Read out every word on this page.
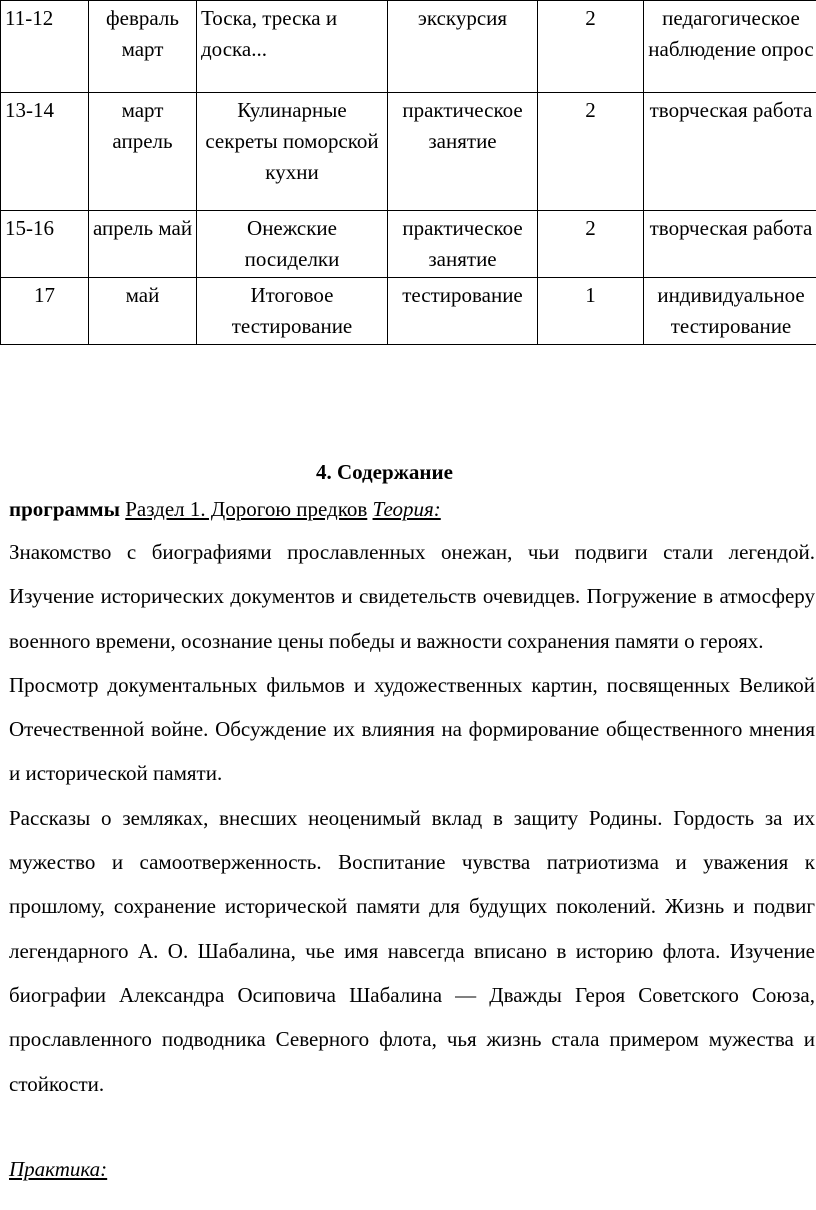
11-12	февраль март	Тоска, треска и доска...	экскурсия	2	педагогическое наблюдение опрос
13-14	март апрель	Кулинарные секреты поморской кухни	практическое занятие	2	творческая работа
15-16	апрель май	Онежские посиделки	практическое занятие	2	творческая работа
17	май	Итоговое тестирование	тестирование	1	индивидуальное тестирование
4. Содержание
программы Раздел 1. Дорогою предков Теория:

Знакомство с биографиями прославленных онежан, чьи подвиги стали легендой. Изучение исторических документов и свидетельств очевидцев. Погружение в атмосферу военного времени, осознание цены победы и важности сохранения памяти о героях.

Просмотр документальных фильмов и художественных картин, посвященных Великой Отечественной войне. Обсуждение их влияния на формирование общественного мнения и исторической памяти.

Рассказы о земляках, внесших неоценимый вклад в защиту Родины. Гордость за их мужество и самоотверженность. Воспитание чувства патриотизма и уважения к прошлому, сохранение исторической памяти для будущих поколений. Жизнь и подвиг легендарного А. О. Шабалина, чье имя навсегда вписано в историю флота. Изучение биографии Александра Осиповича Шабалина — Дважды Героя Советского Союза, прославленного подводника Северного флота, чья жизнь стала примером мужества и стойкости.

Практика:
